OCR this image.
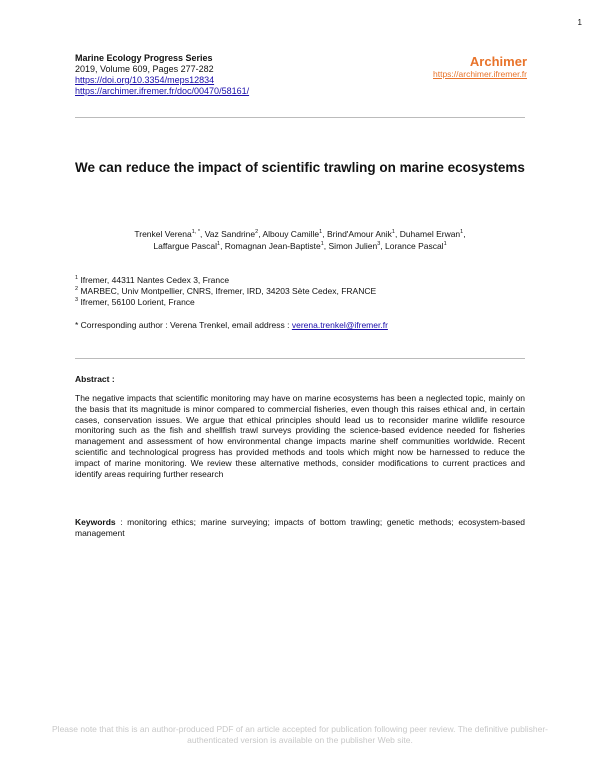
1
Marine Ecology Progress Series
2019, Volume 609, Pages 277-282
https://doi.org/10.3354/meps12834
https://archimer.ifremer.fr/doc/00470/58161/
Archimer
https://archimer.ifremer.fr
We can reduce the impact of scientific trawling on marine ecosystems
Trenkel Verena$^{1, *}$, Vaz Sandrine$^2$, Albouy Camille$^1$, Brind'Amour Anik$^1$, Duhamel Erwan$^1$,
Laffargue Pascal$^1$, Romagnan Jean-Baptiste$^1$, Simon Julien$^3$, Lorance Pascal$^1$
$^1$ Ifremer, 44311 Nantes Cedex 3, France
$^2$ MARBEC, Univ Montpellier, CNRS, Ifremer, IRD, 34203 Sète Cedex, FRANCE
$^3$ Ifremer, 56100 Lorient, France
* Corresponding author : Verena Trenkel, email address : verena.trenkel@ifremer.fr
Abstract :
The negative impacts that scientific monitoring may have on marine ecosystems has been a neglected topic, mainly on the basis that its magnitude is minor compared to commercial fisheries, even though this raises ethical and, in certain cases, conservation issues. We argue that ethical principles should lead us to reconsider marine wildlife resource monitoring such as the fish and shellfish trawl surveys providing the science-based evidence needed for fisheries management and assessment of how environmental change impacts marine shelf communities worldwide. Recent scientific and technological progress has provided methods and tools which might now be harnessed to reduce the impact of marine monitoring. We review these alternative methods, consider modifications to current practices and identify areas requiring further research
Keywords : monitoring ethics; marine surveying; impacts of bottom trawling; genetic methods; ecosystem-based management
Please note that this is an author-produced PDF of an article accepted for publication following peer review. The definitive publisher-authenticated version is available on the publisher Web site.
